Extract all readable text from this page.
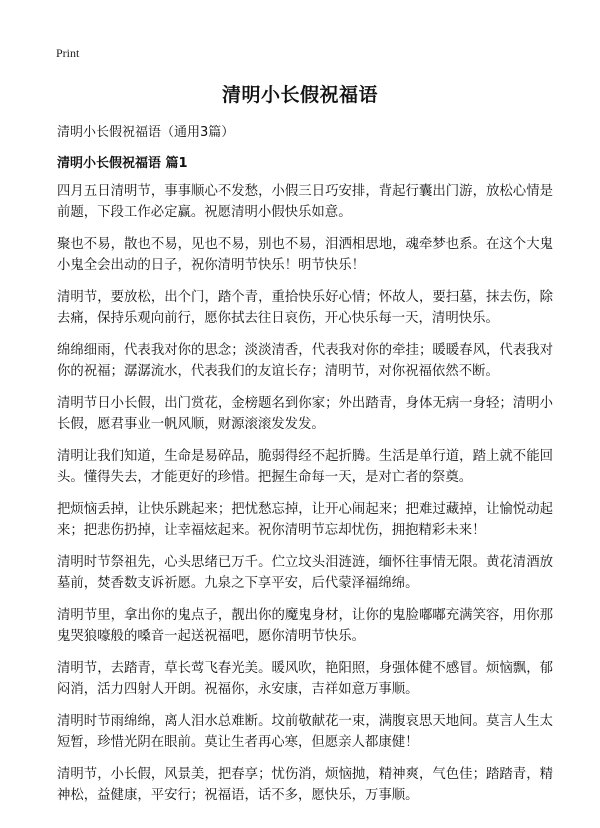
Print
清明小长假祝福语
清明小长假祝福语（通用3篇）
清明小长假祝福语 篇1

四月五日清明节，事事顺心不发愁，小假三日巧安排，背起行囊出门游，放松心情是前题，下段工作必定赢。祝愿清明小假快乐如意。

聚也不易，散也不易，见也不易，别也不易，泪洒相思地，魂牵梦也系。在这个大鬼小鬼全会出动的日子，祝你清明节快乐！明节快乐！

清明节，要放松，出个门，踏个青，重拾快乐好心情；怀故人，要扫墓，抹去伤，除去痛，保持乐观向前行，愿你拭去往日哀伤，开心快乐每一天，清明快乐。

绵绵细雨，代表我对你的思念；淡淡清香，代表我对你的牵挂；暖暖春风，代表我对你的祝福；潺潺流水，代表我们的友谊长存；清明节，对你祝福依然不断。

清明节日小长假，出门赏花，金榜题名到你家；外出踏青，身体无病一身轻；清明小长假，愿君事业一帆风顺，财源滚滚发发发。

清明让我们知道，生命是易碎品，脆弱得经不起折腾。生活是单行道，踏上就不能回头。懂得失去，才能更好的珍惜。把握生命每一天，是对亡者的祭奠。

把烦恼丢掉，让快乐跳起来；把忧愁忘掉，让开心闹起来；把难过藏掉，让愉悦动起来；把悲伤扔掉，让幸福炫起来。祝你清明节忘却忧伤，拥抱精彩未来！

清明时节祭祖先，心头思绪已万千。伫立坟头泪涟涟，缅怀往事情无限。黄花清酒放墓前，焚香数支诉祈愿。九泉之下享平安，后代蒙泽福绵绵。

清明节里，拿出你的鬼点子，靓出你的魔鬼身材，让你的鬼脸嘟嘟充满笑容，用你那鬼哭狼嚎般的嗓音一起送祝福吧，愿你清明节快乐。

清明节，去踏青，草长莺飞春光美。暖风吹，艳阳照，身强体健不感冒。烦恼飘，郁闷消，活力四射人开朗。祝福你，永安康，吉祥如意万事顺。

清明时节雨绵绵，离人泪水总难断。坟前敬献花一束，满腹哀思天地间。莫言人生太短暂，珍惜光阴在眼前。莫让生者再心寒，但愿亲人都康健！

清明节，小长假，风景美，把春享；忧伤消，烦恼抛，精神爽，气色佳；踏踏青，精神松，益健康，平安行；祝福语，话不多，愿快乐，万事顺。
